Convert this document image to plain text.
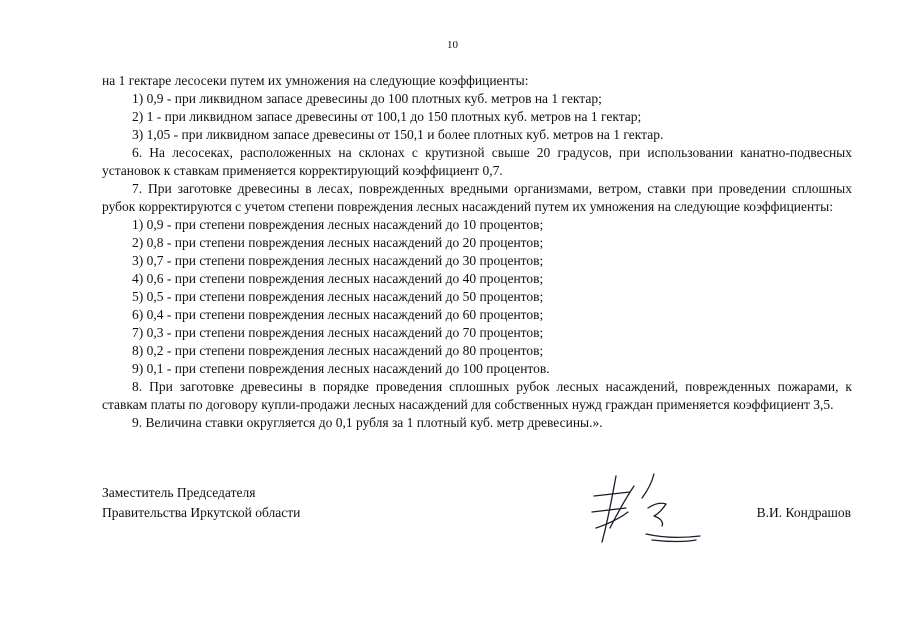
10

на 1 гектаре лесосеки путем их умножения на следующие коэффициенты:

1) 0,9 - при ликвидном запасе древесины до 100 плотных куб. метров на 1 гектар;

2) 1 - при ликвидном запасе древесины от 100,1 до 150 плотных куб. метров на 1 гектар;

3) 1,05 - при ликвидном запасе древесины от 150,1 и более плотных куб. метров на 1 гектар.

6. На лесосеках, расположенных на склонах с крутизной свыше 20 градусов, при использовании канатно-подвесных установок к ставкам применяется корректирующий коэффициент 0,7.

7. При заготовке древесины в лесах, поврежденных вредными организмами, ветром, ставки при проведении сплошных рубок корректируются с учетом степени повреждения лесных насаждений путем их умножения на следующие коэффициенты:

1) 0,9 - при степени повреждения лесных насаждений до 10 процентов;

2) 0,8 - при степени повреждения лесных насаждений до 20 процентов;

3) 0,7 - при степени повреждения лесных насаждений до 30 процентов;

4) 0,6 - при степени повреждения лесных насаждений до 40 процентов;

5) 0,5 - при степени повреждения лесных насаждений до 50 процентов;

6) 0,4 - при степени повреждения лесных насаждений до 60 процентов;

7) 0,3 - при степени повреждения лесных насаждений до 70 процентов;

8) 0,2 - при степени повреждения лесных насаждений до 80 процентов;

9) 0,1 - при степени повреждения лесных насаждений до 100 процентов.

8. При заготовке древесины в порядке проведения сплошных рубок лесных насаждений, поврежденных пожарами, к ставкам платы по договору купли-продажи лесных насаждений для собственных нужд граждан применяется коэффициент 3,5.

9. Величина ставки округляется до 0,1 рубля за 1 плотный куб. метр древесины.».

Заместитель Председателя
Правительства Иркутской области	В.И. Кондрашов
